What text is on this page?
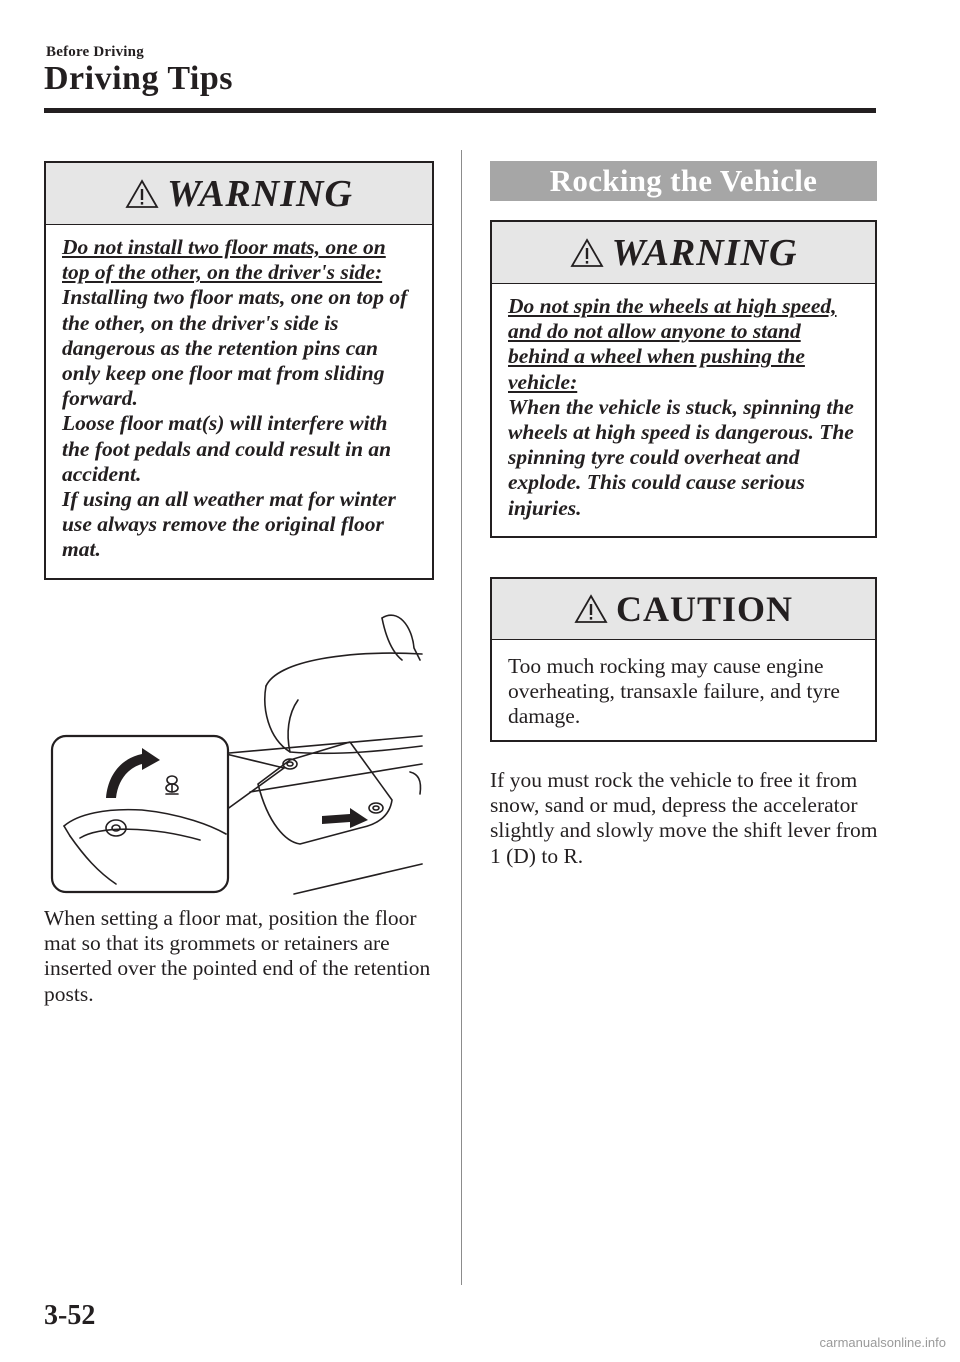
Before Driving
Driving Tips
WARNING

Do not install two floor mats, one on top of the other, on the driver's side:

Installing two floor mats, one on top of the other, on the driver's side is dangerous as the retention pins can only keep one floor mat from sliding forward.

Loose floor mat(s) will interfere with the foot pedals and could result in an accident.

If using an all weather mat for winter use always remove the original floor mat.

When setting a floor mat, position the floor mat so that its grommets or retainers are inserted over the pointed end of the retention posts.

Rocking the Vehicle
WARNING

Do not spin the wheels at high speed, and do not allow anyone to stand behind a wheel when pushing the vehicle:

When the vehicle is stuck, spinning the wheels at high speed is dangerous. The spinning tyre could overheat and explode. This could cause serious injuries.

CAUTION

Too much rocking may cause engine overheating, transaxle failure, and tyre damage.

If you must rock the vehicle to free it from snow, sand or mud, depress the accelerator slightly and slowly move the shift lever from 1 (D) to R.

3-52
carmanualsonline.info
